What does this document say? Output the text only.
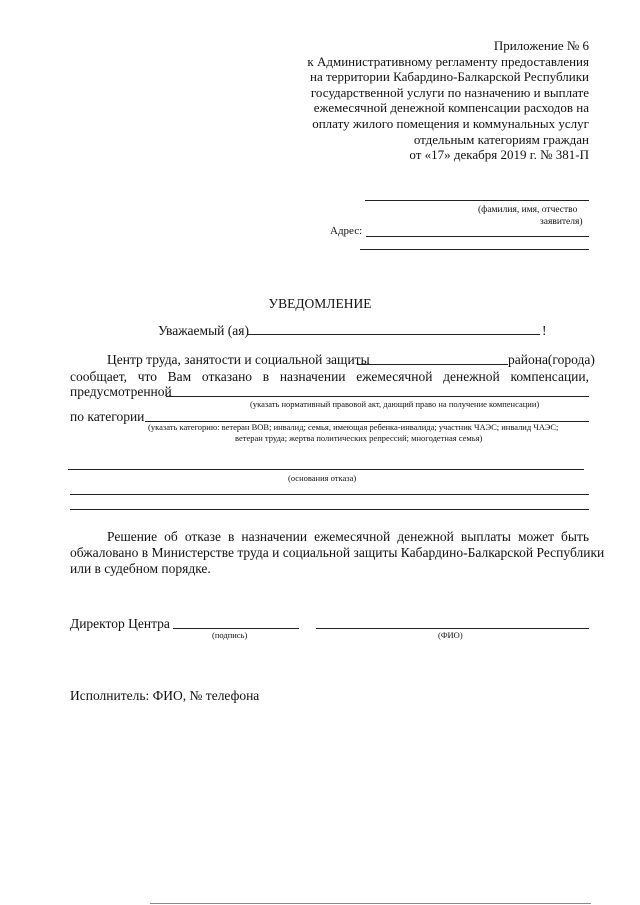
Приложение № 6
к Административному регламенту предоставления
на территории Кабардино-Балкарской Республики
государственной услуги по назначению и выплате
ежемесячной денежной компенсации расходов на
оплату жилого помещения и коммунальных услуг
отдельным категориям граждан
от «17» декабря 2019 г. № 381-П
(фамилия, имя, отчество
заявителя)
Адрес:
УВЕДОМЛЕНИЕ
Уважаемый (ая)	!
Центр труда, занятости и социальной защиты	района(города)
сообщает, что Вам отказано в назначении ежемесячной денежной компенсации,
предусмотренной
(указать нормативный правовой акт, дающий право на получение компенсации)
по категории
(указать категорию: ветеран ВОВ; инвалид; семья, имеющая ребенка-инвалида; участник ЧАЭС; инвалид ЧАЭС;
ветеран труда; жертва политических репрессий; многодетная семья)
(основания отказа)
Решение об отказе в назначении ежемесячной денежной выплаты может быть
обжаловано в Министерстве труда и социальной защиты Кабардино-Балкарской Республики
или в судебном порядке.
Директор Центра
(подпись)	(ФИО)
Исполнитель: ФИО, № телефона
